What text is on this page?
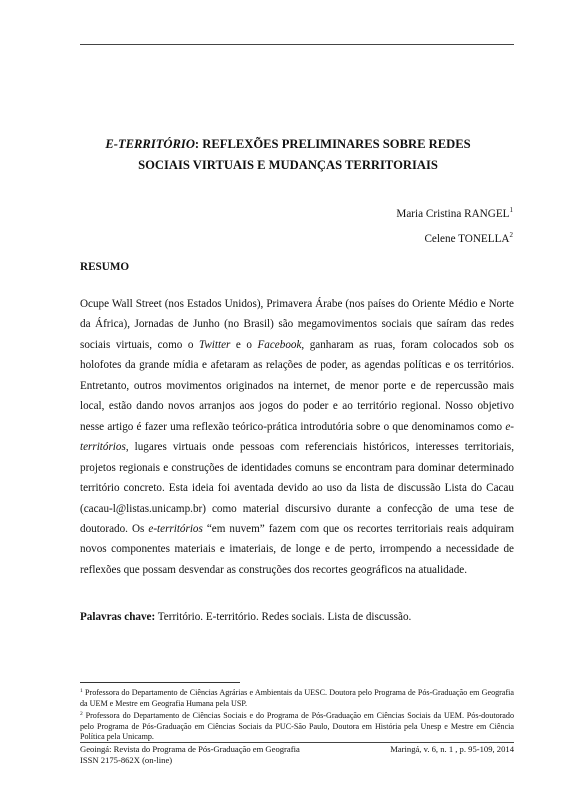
E-TERRITÓRIO: REFLEXÕES PRELIMINARES SOBRE REDES
SOCIAIS VIRTUAIS E MUDANÇAS TERRITORIAIS
Maria Cristina RANGEL$^1$
Celene TONELLA$^2$
RESUMO
Ocupe Wall Street (nos Estados Unidos), Primavera Árabe (nos países do Oriente Médio e Norte da África), Jornadas de Junho (no Brasil) são megamovimentos sociais que saíram das redes sociais virtuais, como o Twitter e o Facebook, ganharam as ruas, foram colocados sob os holofotes da grande mídia e afetaram as relações de poder, as agendas políticas e os territórios. Entretanto, outros movimentos originados na internet, de menor porte e de repercussão mais local, estão dando novos arranjos aos jogos do poder e ao território regional. Nosso objetivo nesse artigo é fazer uma reflexão teórico-prática introdutória sobre o que denominamos como e-territórios, lugares virtuais onde pessoas com referenciais históricos, interesses territoriais, projetos regionais e construções de identidades comuns se encontram para dominar determinado território concreto. Esta ideia foi aventada devido ao uso da lista de discussão Lista do Cacau (cacau-l@listas.unicamp.br) como material discursivo durante a confecção de uma tese de doutorado. Os e-territórios “em nuvem” fazem com que os recortes territoriais reais adquiram novos componentes materiais e imateriais, de longe e de perto, irrompendo a necessidade de reflexões que possam desvendar as construções dos recortes geográficos na atualidade.
Palavras chave: Território. E-território. Redes sociais. Lista de discussão.

$^1$ Professora do Departamento de Ciências Agrárias e Ambientais da UESC. Doutora pelo Programa de Pós-Graduação em Geografia da UEM e Mestre em Geografia Humana pela USP.

$^2$ Professora do Departamento de Ciências Sociais e do Programa de Pós-Graduação em Ciências Sociais da UEM. Pós-doutorado pelo Programa de Pós-Graduação em Ciências Sociais da PUC-São Paulo, Doutora em História pela Unesp e Mestre em Ciência Política pela Unicamp.

Geoingá: Revista do Programa de Pós-Graduação em Geografia
ISSN 2175-862X (on-line)
Maringá, v. 6, n. 1 , p. 95-109, 2014
